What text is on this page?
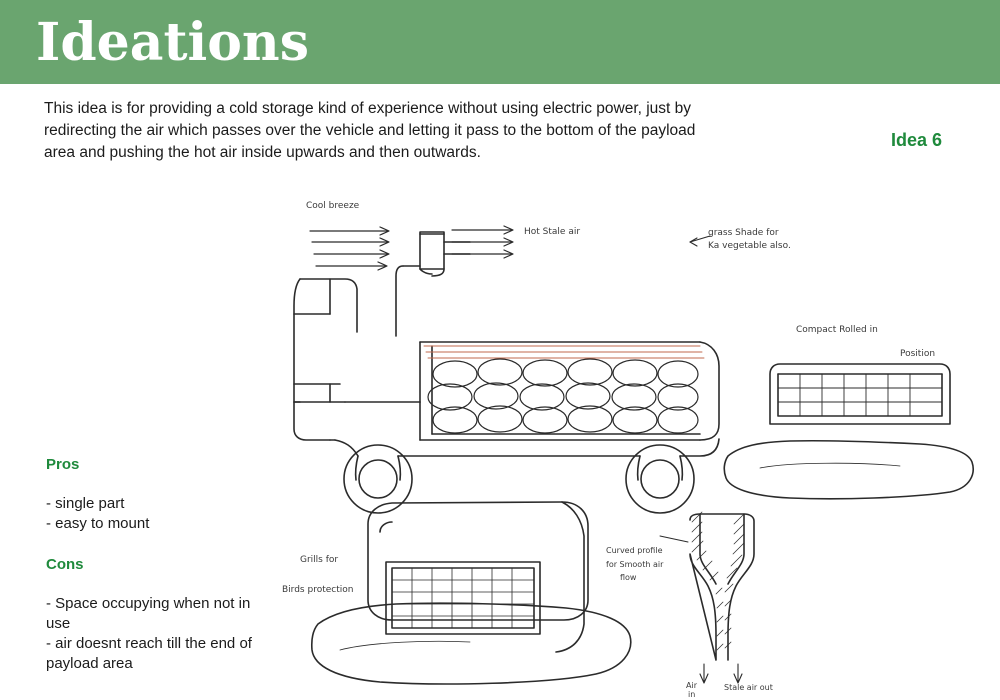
Ideations
This idea is for providing a cold storage kind of experience without using electric power, just by redirecting the air which passes over the vehicle and letting it pass to the bottom of the payload area and pushing the hot air inside upwards and then outwards.
Idea 6
Pros
- single part
- easy to mount
Cons
- Space occupying when not in use
- air doesnt reach till the end of payload area
Cool breeze
Hot Stale air	grass Shade for
Ka vegetable also.
Compact Rolled in
Position
Grills for
Birds protection
Curved profile
for Smooth air
flow
Air
in
Stale air out
